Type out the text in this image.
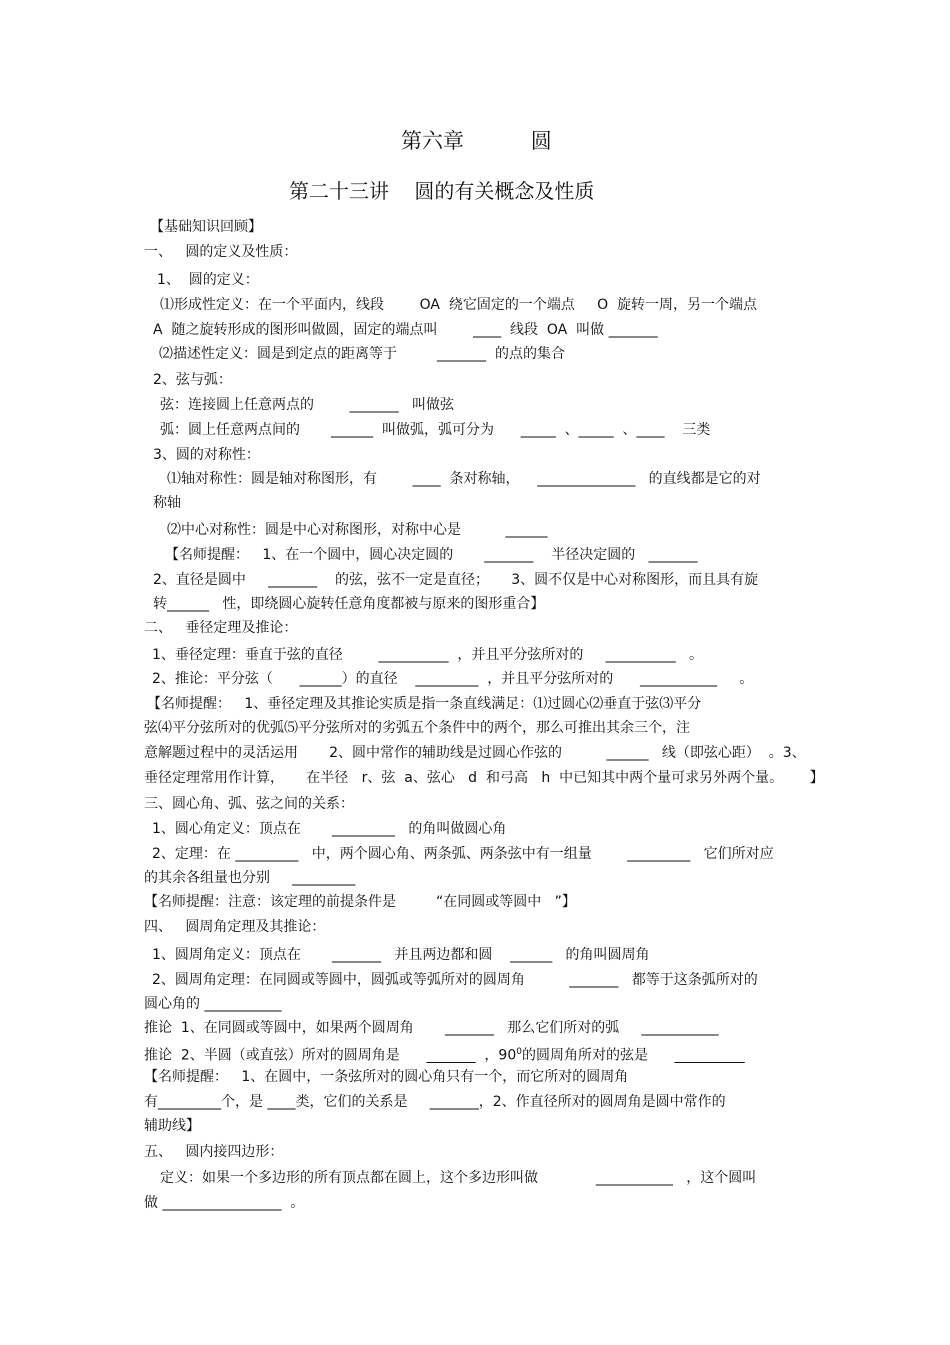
第六章          圆
第二十三讲    圆的有关概念及性质
【基础知识回顾】
一、   圆的定义及性质：
1、  圆的定义：
⑴形成性定义：在一个平面内，线段        OA  绕它固定的一个端点     O  旋转一周，另一个端点
A  随之旋转形成的图形叫做圆，固定的端点叫        ____  线段  OA  叫做 _______
⑵描述性定义：圆是到定点的距离等于         _______  的点的集合
2、弦与弧：
弦：连接圆上任意两点的        _______   叫做弦
弧：圆上任意两点间的       ______  叫做弧，弧可分为      _____  、_____  、____    三类
3、圆的对称性：
⑴轴对称性：圆是轴对称图形，有        ____  条对称轴，    ______________   的直线都是它的对
称轴
⑵中心对称性：圆是中心对称图形，对称中心是          ______
【名师提醒：   1、在一个圆中，圆心决定圆的       _______    半径决定圆的   _______
2、直径是圆中     _______    的弦，弦不一定是直径；     3、圆不仅是中心对称图形，而且具有旋
转______   性，即绕圆心旋转任意角度都被与原来的图形重合】
二、   垂径定理及推论：
1、垂径定理：垂直于弦的直径        __________  ，并且平分弦所对的     __________   。
2、推论：平分弦（      ______）的直径    _________  ，并且平分弦所对的      ___________     。
【名师提醒：   1、垂径定理及其推论实质是指一条直线满足：⑴过圆心⑵垂直于弦⑶平分
弦⑷平分弦所对的优弧⑸平分弦所对的劣弧五个条件中的两个，那么可推出其余三个，注
意解题过程中的灵活运用       2、圆中常作的辅助线是过圆心作弦的          ______   线（即弦心距）  。3、
垂径定理常用作计算，     在半径   r、弦  a、弦心   d  和弓高   h  中已知其中两个量可求另外两个量。      】
三、圆心角、弧、弦之间的关系：
1、圆心角定义：顶点在       _________   的角叫做圆心角
2、定理：在 _________   中，两个圆心角、两条弧、两条弦中有一组量        _________   它们所对应
的其余各组量也分别     _________
【名师提醒：注意：该定理的前提条件是         “在同圆或等圆中   ”】
四、   圆周角定理及其推论：
1、圆周角定义：顶点在       _______   并且两边都和圆    ______   的角叫圆周角
2、圆周角定理：在同圆或等圆中，圆弧或等弧所对的圆周角          _______   都等于这条弧所对的
圆心角的 ___________
推论  1、在同圆或等圆中，如果两个圆周角       _______   那么它们所对的弧     ___________
推论  2、半圆（或直弦）所对的圆周角是      _______  ，$90^0$的圆周角所对的弦是      __________
【名师提醒：   1、在圆中，一条弦所对的圆心角只有一个，而它所对的圆周角
有_________个，是 ____类，它们的关系是     _______，2、作直径所对的圆周角是圆中常作的
辅助线】
五、   圆内接四边形：
定义：如果一个多边形的所有顶点都在圆上，这个多边形叫做             ___________   ，这个圆叫
做 _________________  。
